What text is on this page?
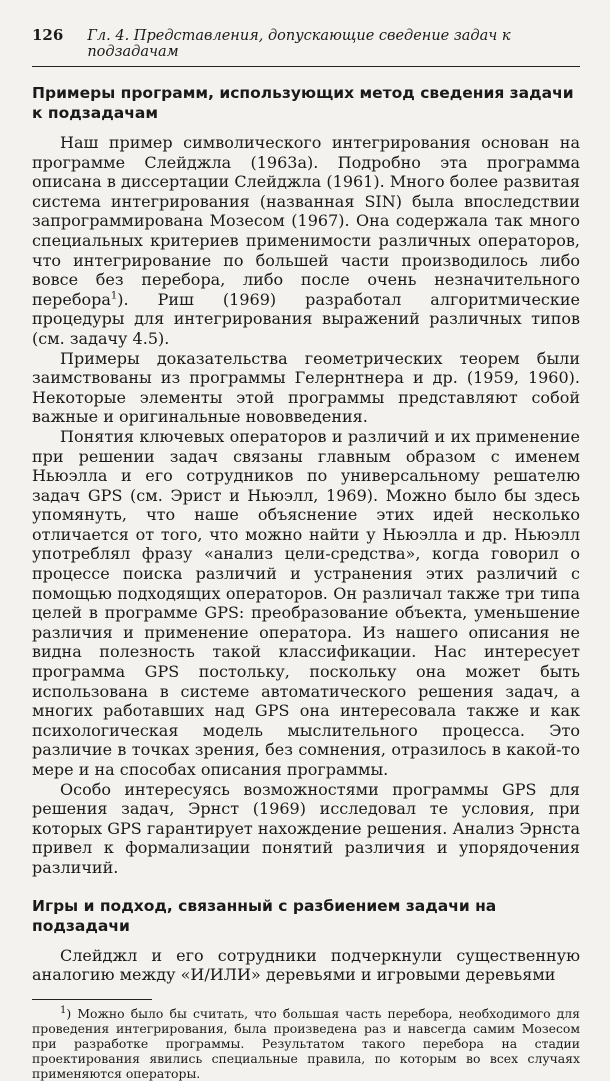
126 Гл. 4. Представления, допускающие сведение задач к подзадачам
Примеры программ, использующих метод сведения задачи к подзадачам

Наш пример символического интегрирования основан на программе Слейджла (1963а). Подробно эта программа описана в диссертации Слейджла (1961). Много более развитая система интегрирования (названная SIN) была впоследствии запрограммирована Мозесом (1967). Она содержала так много специальных критериев применимости различных операторов, что интегрирование по большей части производилось либо вовсе без перебора, либо после очень незначительного перебора$^1$). Риш (1969) разработал алгоритмические процедуры для интегрирования выражений различных типов (см. задачу 4.5).

Примеры доказательства геометрических теорем были заимствованы из программы Гелернтнера и др. (1959, 1960). Некоторые элементы этой программы представляют собой важные и оригинальные нововведения.

Понятия ключевых операторов и различий и их применение при решении задач связаны главным образом с именем Ньюэлла и его сотрудников по универсальному решателю задач GPS (см. Эрист и Ньюэлл, 1969). Можно было бы здесь упомянуть, что наше объяснение этих идей несколько отличается от того, что можно найти у Ньюэлла и др. Ньюэлл употреблял фразу «анализ цели-средства», когда говорил о процессе поиска различий и устранения этих различий с помощью подходящих операторов. Он различал также три типа целей в программе GPS: преобразование объекта, уменьшение различия и применение оператора. Из нашего описания не видна полезность такой классификации. Нас интересует программа GPS постольку, поскольку она может быть использована в системе автоматического решения задач, а многих работавших над GPS она интересовала также и как психологическая модель мыслительного процесса. Это различие в точках зрения, без сомнения, отразилось в какой-то мере и на способах описания программы.

Особо интересуясь возможностями программы GPS для решения задач, Эрнст (1969) исследовал те условия, при которых GPS гарантирует нахождение решения. Анализ Эрнста привел к формализации понятий различия и упорядочения различий.

Игры и подход, связанный с разбиением задачи на подзадачи

Слейджл и его сотрудники подчеркнули существенную аналогию между «И/ИЛИ» деревьями и игровыми деревьями

$^1$) Можно было бы считать, что большая часть перебора, необходимого для проведения интегрирования, была произведена раз и навсегда самим Мозесом при разработке программы. Результатом такого перебора на стадии проектирования явились специальные правила, по которым во всех случаях применяются операторы.
